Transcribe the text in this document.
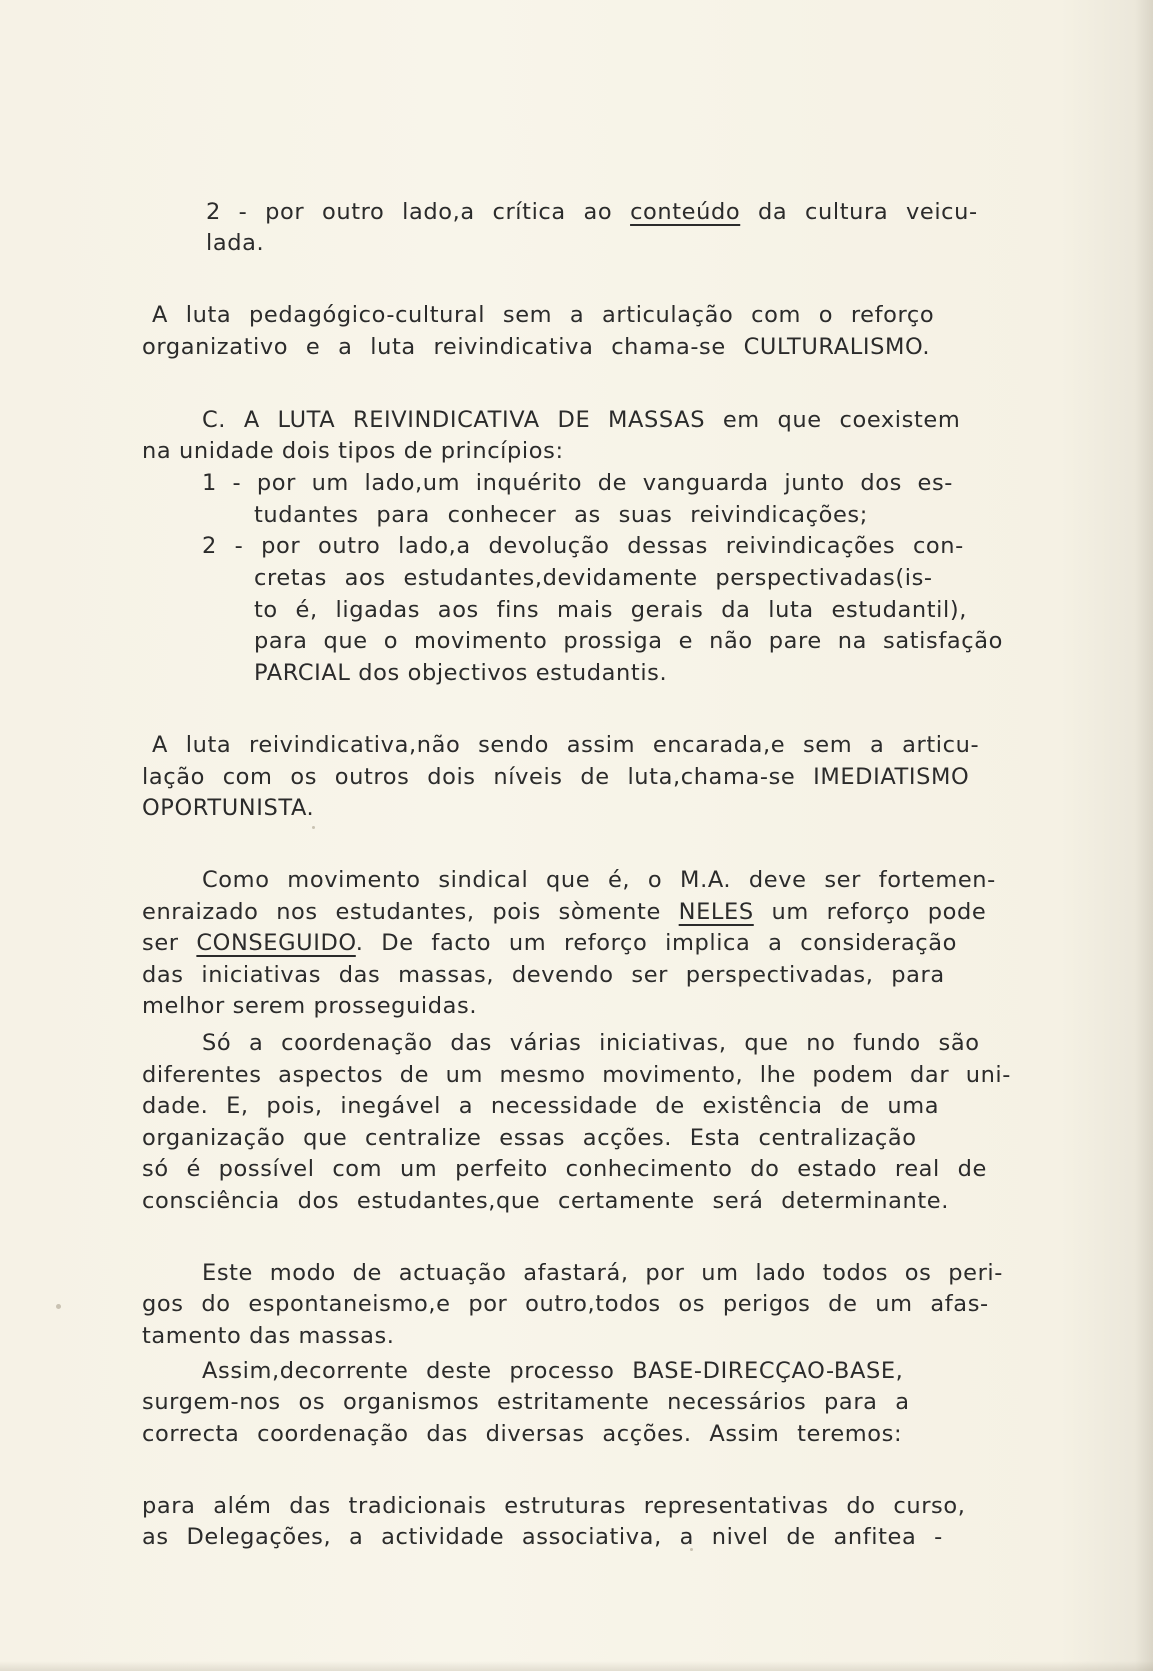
2 - por outro lado,a crítica ao conteúdo da cultura veicu-
lada.
A luta pedagógico-cultural sem a articulação com o reforço
organizativo e a luta reivindicativa chama-se CULTURALISMO.
C. A LUTA REIVINDICATIVA DE MASSAS em que coexistem
na unidade dois tipos de princípios:
1 - por um lado,um inquérito de vanguarda junto dos es-
tudantes para conhecer as suas reivindicações;
2 - por outro lado,a devolução dessas reivindicações con-
cretas aos estudantes,devidamente perspectivadas(is-
to é, ligadas aos fins mais gerais da luta estudantil),
para que o movimento prossiga e não pare na satisfação
PARCIAL dos objectivos estudantis.
A luta reivindicativa,não sendo assim encarada,e sem a articu-
lação com os outros dois níveis de luta,chama-se IMEDIATISMO
OPORTUNISTA.
Como movimento sindical que é, o M.A. deve ser fortemen-
enraizado nos estudantes, pois sòmente NELES um reforço pode
ser CONSEGUIDO. De facto um reforço implica a consideração
das iniciativas das massas, devendo ser perspectivadas, para
melhor serem prosseguidas.
Só a coordenação das várias iniciativas, que no fundo são
diferentes aspectos de um mesmo movimento, lhe podem dar uni-
dade. E, pois, inegável a necessidade de existência de uma
organização que centralize essas acções. Esta centralização
só é possível com um perfeito conhecimento do estado real de
consciência dos estudantes,que certamente será determinante.
Este modo de actuação afastará, por um lado todos os peri-
gos do espontaneismo,e por outro,todos os perigos de um afas-
tamento das massas.
Assim,decorrente deste processo BASE-DIRECÇAO-BASE,
surgem-nos os organismos estritamente necessários para a
correcta coordenação das diversas acções. Assim teremos:
para além das tradicionais estruturas representativas do curso,
as Delegações, a actividade associativa, a nivel de anfitea -
